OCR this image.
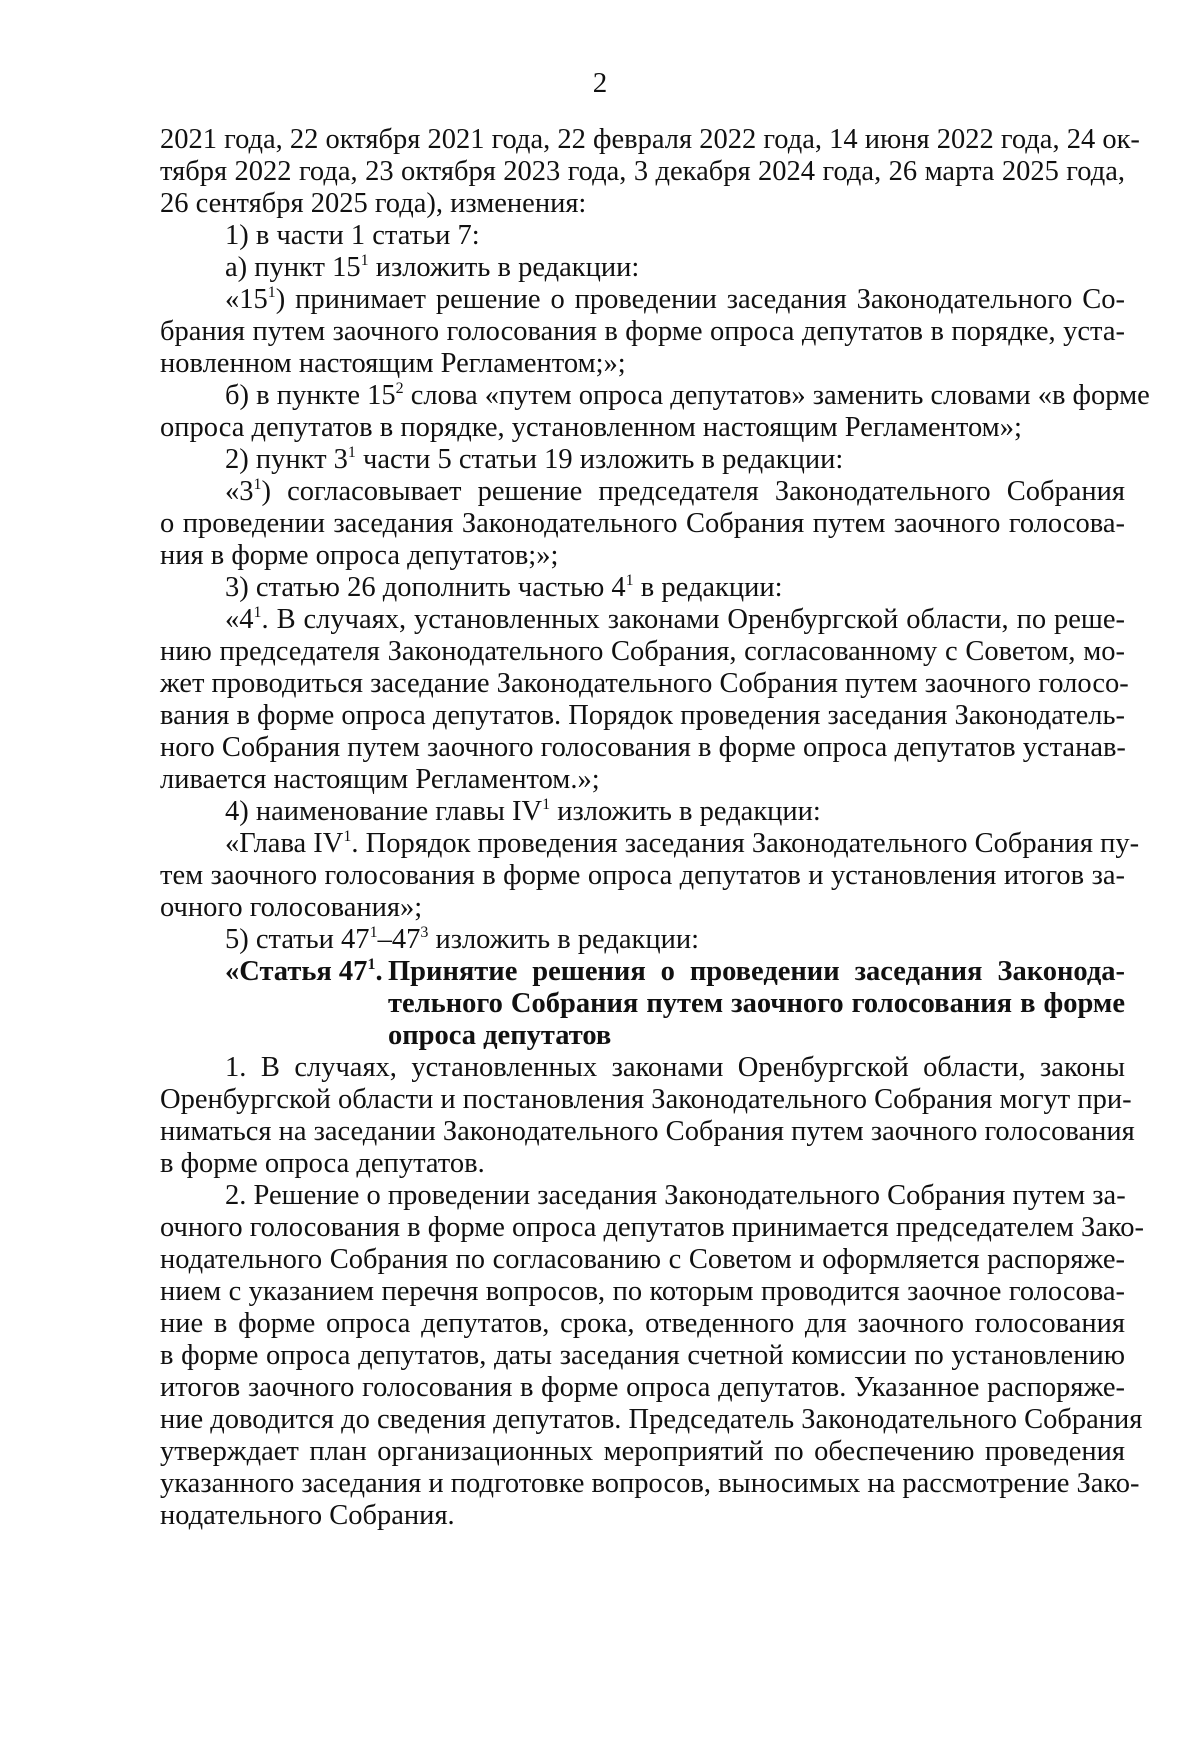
2
2021 года, 22 октября 2021 года, 22 февраля 2022 года, 14 июня 2022 года, 24 ок-
тября 2022 года, 23 октября 2023 года, 3 декабря 2024 года, 26 марта 2025 года,
26 сентября 2025 года), изменения:
1) в части 1 статьи 7:
а) пункт $15^1$ изложить в редакции:
«$15^1$) принимает решение о проведении заседания Законодательного Со-
брания путем заочного голосования в форме опроса депутатов в порядке, уста-
новленном настоящим Регламентом;»;
б) в пункте $15^2$ слова «путем опроса депутатов» заменить словами «в форме
опроса депутатов в порядке, установленном настоящим Регламентом»;
2) пункт $3^1$ части 5 статьи 19 изложить в редакции:
«$3^1$) согласовывает решение председателя Законодательного Собрания
о проведении заседания Законодательного Собрания путем заочного голосова-
ния в форме опроса депутатов;»;
3) статью 26 дополнить частью $4^1$ в редакции:
«$4^1$. В случаях, установленных законами Оренбургской области, по реше-
нию председателя Законодательного Собрания, согласованному с Советом, мо-
жет проводиться заседание Законодательного Собрания путем заочного голосо-
вания в форме опроса депутатов. Порядок проведения заседания Законодатель-
ного Собрания путем заочного голосования в форме опроса депутатов устанав-
ливается настоящим Регламентом.»;
4) наименование главы $IV^1$ изложить в редакции:
«Глава $IV^1$. Порядок проведения заседания Законодательного Собрания пу-
тем заочного голосования в форме опроса депутатов и установления итогов за-
очного голосования»;
5) статьи $47^1-47^3$ изложить в редакции:
«Статья $47^1$. Принятие решения о проведении заседания Законода-
тельного Собрания путем заочного голосования в форме
опроса депутатов
1. В случаях, установленных законами Оренбургской области, законы
Оренбургской области и постановления Законодательного Собрания могут при-
ниматься на заседании Законодательного Собрания путем заочного голосования
в форме опроса депутатов.
2. Решение о проведении заседания Законодательного Собрания путем за-
очного голосования в форме опроса депутатов принимается председателем Зако-
нодательного Собрания по согласованию с Советом и оформляется распоряже-
нием с указанием перечня вопросов, по которым проводится заочное голосова-
ние в форме опроса депутатов, срока, отведенного для заочного голосования
в форме опроса депутатов, даты заседания счетной комиссии по установлению
итогов заочного голосования в форме опроса депутатов. Указанное распоряже-
ние доводится до сведения депутатов. Председатель Законодательного Собрания
утверждает план организационных мероприятий по обеспечению проведения
указанного заседания и подготовке вопросов, выносимых на рассмотрение Зако-
нодательного Собрания.
